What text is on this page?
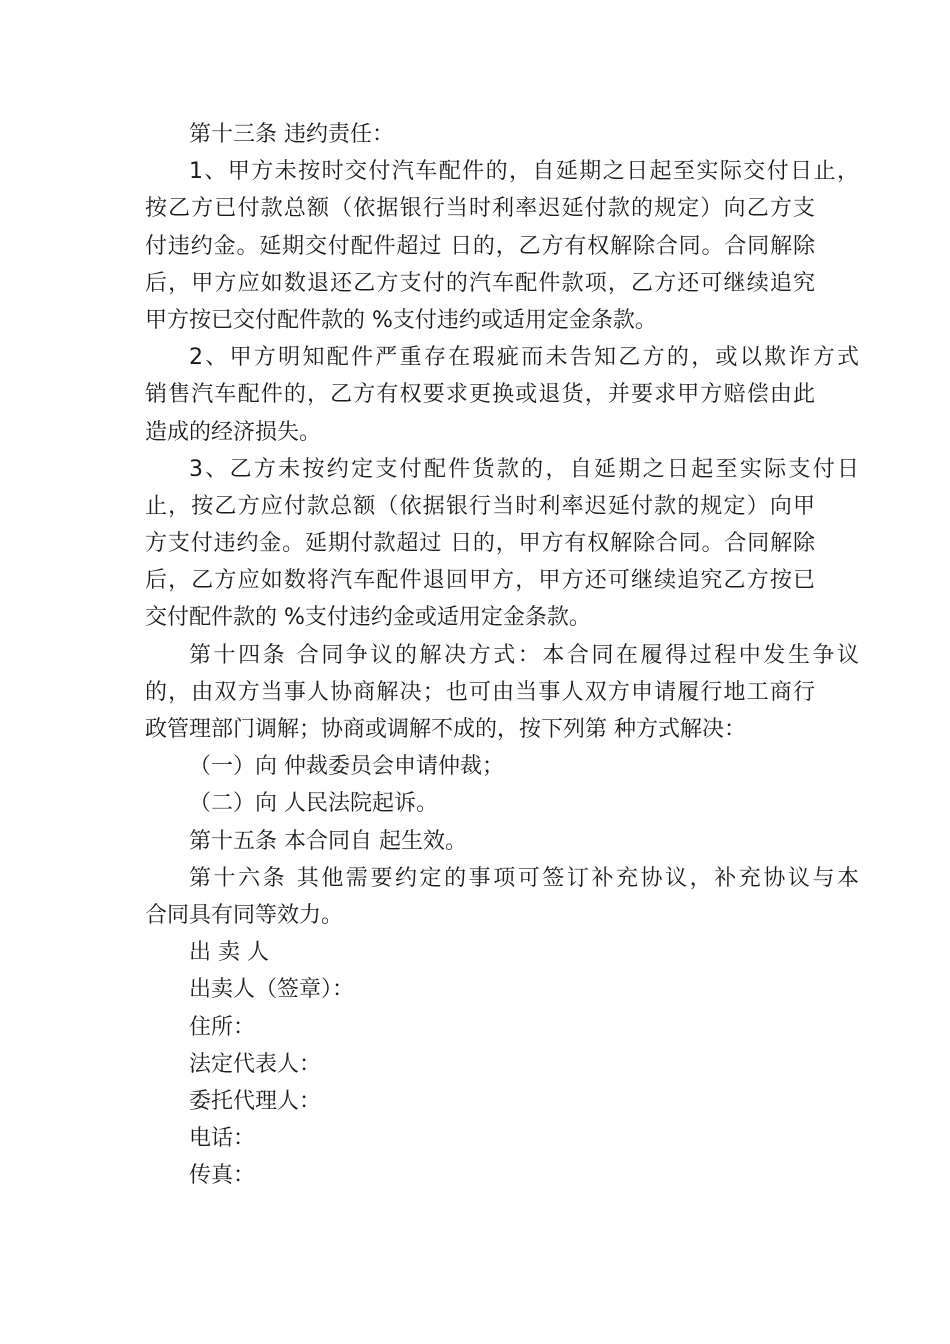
第十三条 违约责任：
1、甲方未按时交付汽车配件的，自延期之日起至实际交付日止，
按乙方已付款总额（依据银行当时利率迟延付款的规定）向乙方支
付违约金。延期交付配件超过 日的，乙方有权解除合同。合同解除
后，甲方应如数退还乙方支付的汽车配件款项，乙方还可继续追究
甲方按已交付配件款的 %支付违约或适用定金条款。
2、甲方明知配件严重存在瑕疵而未告知乙方的，或以欺诈方式
销售汽车配件的，乙方有权要求更换或退货，并要求甲方赔偿由此
造成的经济损失。
3、乙方未按约定支付配件货款的，自延期之日起至实际支付日
止，按乙方应付款总额（依据银行当时利率迟延付款的规定）向甲
方支付违约金。延期付款超过 日的，甲方有权解除合同。合同解除
后，乙方应如数将汽车配件退回甲方，甲方还可继续追究乙方按已
交付配件款的 %支付违约金或适用定金条款。
第十四条 合同争议的解决方式：本合同在履得过程中发生争议
的，由双方当事人协商解决；也可由当事人双方申请履行地工商行
政管理部门调解；协商或调解不成的，按下列第 种方式解决：
（一）向 仲裁委员会申请仲裁；
（二）向 人民法院起诉。
第十五条 本合同自 起生效。
第十六条 其他需要约定的事项可签订补充协议，补充协议与本
合同具有同等效力。
出 卖 人
出卖人（签章）：
住所：
法定代表人：
委托代理人：
电话：
传真：
